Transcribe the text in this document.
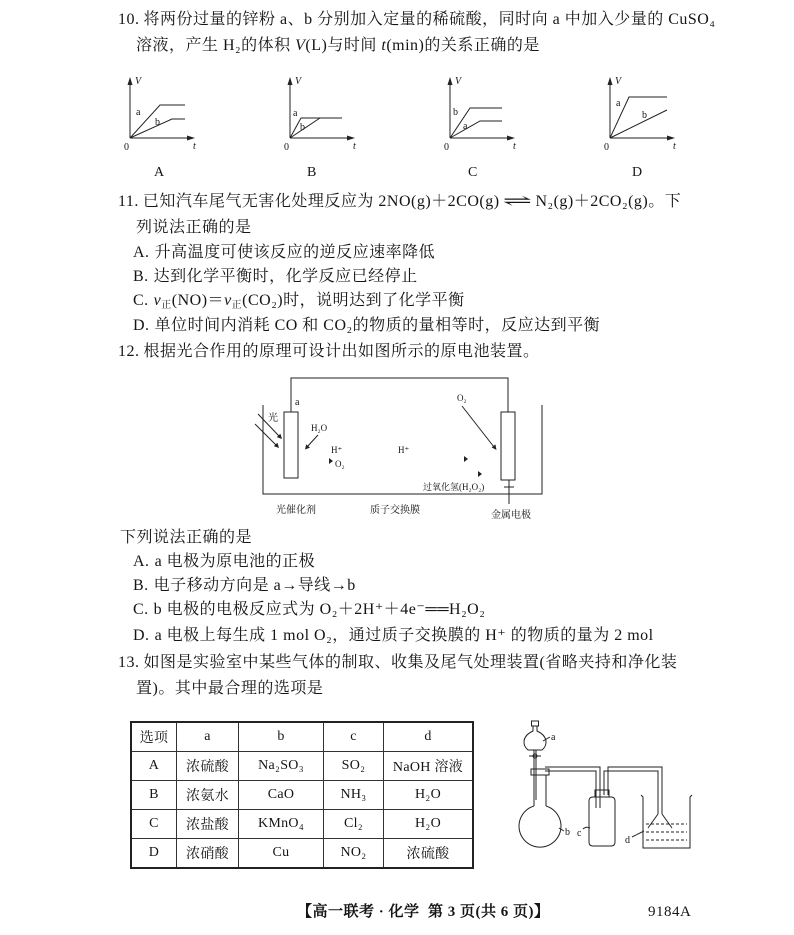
10. 将两份过量的锌粉 a、b 分别加入定量的稀硫酸，同时向 a 中加入少量的 CuSO₄
溶液，产生 H₂的体积 V(L)与时间 t(min)的关系正确的是
V
t
0
a
b
V
t
0
a
b
V
t
0
b
a
V
t
0
a
b
A	B	C	D
11. 已知汽车尾气无害化处理反应为 2NO(g)＋2CO(g) ⇌ N₂(g)＋2CO₂(g)。下
列说法正确的是
A. 升高温度可使该反应的逆反应速率降低
B. 达到化学平衡时，化学反应已经停止
C. $v_正(NO)=v_正(CO_2)$时，说明达到了化学平衡
D. 单位时间内消耗 CO 和 CO₂的物质的量相等时，反应达到平衡
12. 根据光合作用的原理可设计出如图所示的原电池装置。
光
a
H₂O
H⁺
O₂
H⁺
O₂
过氧化氢(H₂O₂)
光催化剂	质子交换膜	金属电极
下列说法正确的是
A. a 电极为原电池的正极
B. 电子移动方向是 a→导线→b
C. b 电极的电极反应式为 O₂＋2H⁺＋4e⁻══H₂O₂
D. a 电极上每生成 1 mol O₂，通过质子交换膜的 H⁺ 的物质的量为 2 mol
13. 如图是实验室中某些气体的制取、收集及尾气处理装置(省略夹持和净化装
置)。其中最合理的选项是
选项	a	b	c	d
A	浓硫酸	Na₂SO₃	SO₂	NaOH 溶液
B	浓氨水	CaO	NH₃	H₂O
C	浓盐酸	KMnO₄	Cl₂	H₂O
D	浓硝酸	Cu	NO₂	浓硫酸
a
b c
d
【高一联考 · 化学 第 3 页(共 6 页)】	9184A
